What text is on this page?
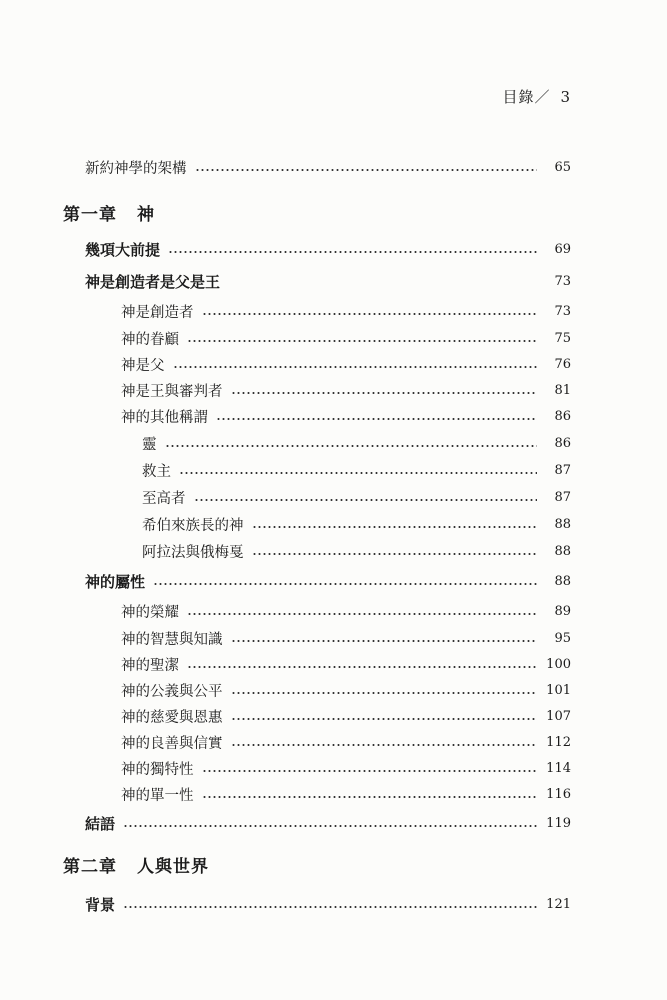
目錄／ 3
新約神學的架構	65
第一章 神
幾項大前提	69
神是創造者是父是王	73
神是創造者	73
神的眷顧	75
神是父	76
神是王與審判者	81
神的其他稱謂	86
靈	86
救主	87
至高者	87
希伯來族長的神	88
阿拉法與俄梅戛	88
神的屬性	88
神的榮耀	89
神的智慧與知識	95
神的聖潔	100
神的公義與公平	101
神的慈愛與恩惠	107
神的良善與信實	112
神的獨特性	114
神的單一性	116
結語	119
第二章 人與世界
背景	121
